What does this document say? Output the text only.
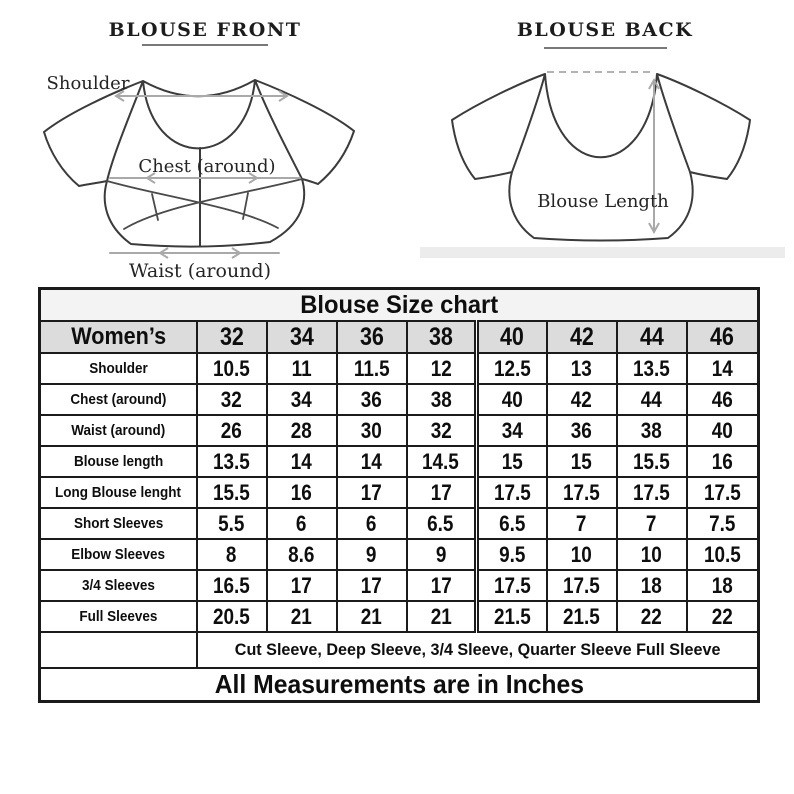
BLOUSE FRONT
Shoulder
Chest (around)
Waist (around)
BLOUSE BACK
Blouse Length
Blouse Size chart								
Women’s	32	34	36	38	40	42	44	46
Shoulder	10.5	11	11.5	12	12.5	13	13.5	14
Chest (around)	32	34	36	38	40	42	44	46
Waist (around)	26	28	30	32	34	36	38	40
Blouse length	13.5	14	14	14.5	15	15	15.5	16
Long Blouse lenght	15.5	16	17	17	17.5	17.5	17.5	17.5
Short Sleeves	5.5	6	6	6.5	6.5	7	7	7.5
Elbow Sleeves	8	8.6	9	9	9.5	10	10	10.5
3/4 Sleeves	16.5	17	17	17	17.5	17.5	18	18
Full Sleeves	20.5	21	21	21	21.5	21.5	22	22
	Cut Sleeve, Deep Sleeve, 3/4 Sleeve, Quarter Sleeve Full Sleeve							
All Measurements are in Inches								
